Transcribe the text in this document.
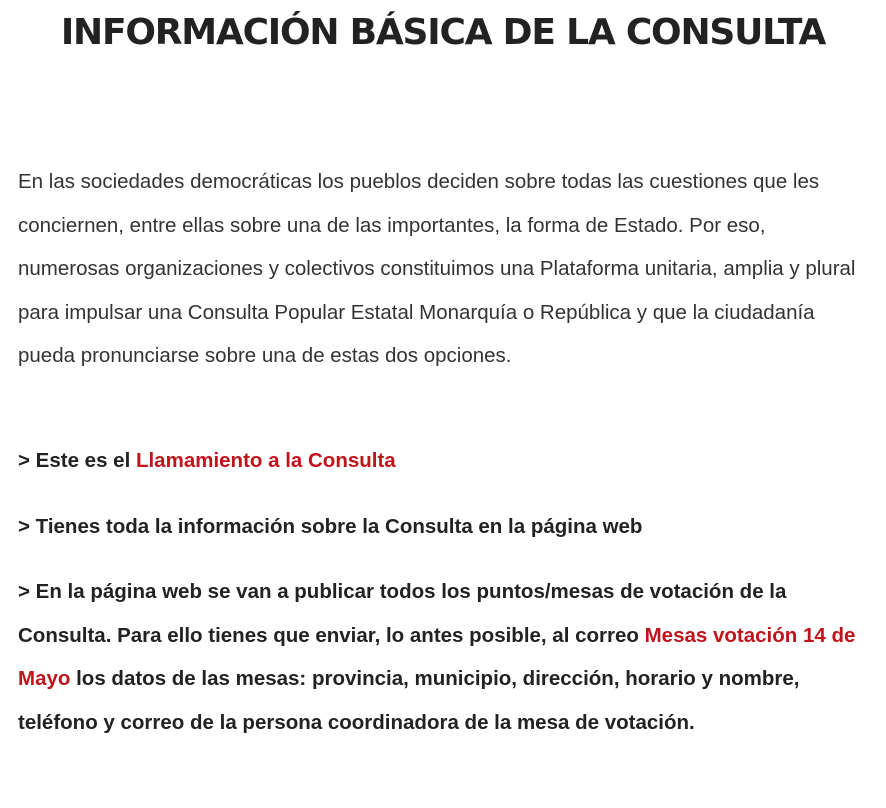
INFORMACIÓN BÁSICA DE LA CONSULTA

En las sociedades democráticas los pueblos deciden sobre todas las cuestiones que les conciernen, entre ellas sobre una de las importantes, la forma de Estado. Por eso, numerosas organizaciones y colectivos constituimos una Plataforma unitaria, amplia y plural para impulsar una Consulta Popular Estatal Monarquía o República y que la ciudadanía pueda pronunciarse sobre una de estas dos opciones.

> Este es el Llamamiento a la Consulta

> Tienes toda la información sobre la Consulta en la página web

> En la página web se van a publicar todos los puntos/mesas de votación de la Consulta. Para ello tienes que enviar, lo antes posible, al correo Mesas votación 14 de Mayo los datos de las mesas: provincia, municipio, dirección, horario y nombre, teléfono y correo de la persona coordinadora de la mesa de votación.
